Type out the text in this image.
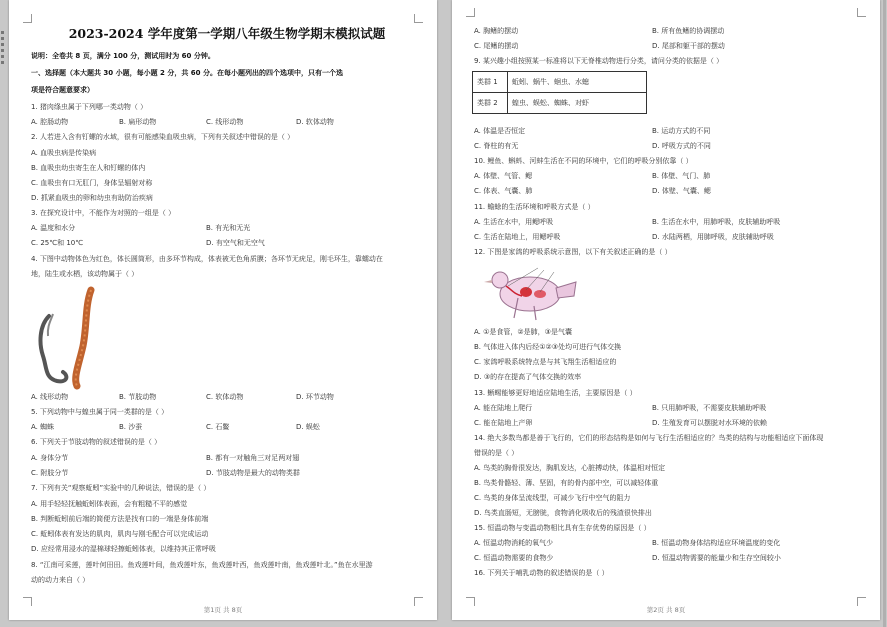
2023-2024 学年度第一学期八年级生物学期末模拟试题
说明：全卷共 8 页，满分 100 分，测试用时为 60 分钟。
一、选择题（本大题共 30 小题，每小题 2 分，共 60 分。在每小题列出的四个选项中，只有一个选
项是符合题意要求）
1. 猪肉绦虫属于下列哪一类动物（ ）
A. 腔肠动物	B. 扁形动物	C. 线形动物	D. 软体动物
2. 人若进入含有钉螺的水域，很有可能感染血吸虫病，下列有关叙述中错误的是（ ）
A. 血吸虫病是传染病
B. 血吸虫幼虫寄生在人和钉螺的体内
C. 血吸虫有口无肛门，身体呈辐射对称
D. 抓紧血吸虫的卵和幼虫有助防治疾病
3. 在探究设计中，不能作为对照的一组是（ ）
A. 温度和水分	B. 有光和无光
C. 25℃和 10℃	D. 有空气和无空气
4. 下图中动物体色为红色，体长圆筒形，由多环节构成，体表被无色角质膜；各环节无疣足，刚毛环生，靠蠕动在
地，陆生或水栖，该动物属于（ ）
A. 线形动物	B. 节肢动物	C. 软体动物	D. 环节动物
5. 下列动物中与蝗虫属于同一类群的是（ ）
A. 蜘蛛	B. 沙蚕	C. 石鳖	D. 蜈蚣
6. 下列关于节肢动物的叙述错误的是（ ）
A. 身体分节	B. 都有一对触角三对足两对翅
C. 附肢分节	D. 节肢动物是最大的动物类群
7. 下列有关“观察蚯蚓”实验中的几种说法，错误的是（ ）
A. 用手轻轻抚触蚯蚓体表面，会有粗糙不平的感觉
B. 判断蚯蚓前后端的简便方法是找有口的一端是身体前端
C. 蚯蚓体表有发达的肌肉，肌肉与刚毛配合可以完成运动
D. 应经常用浸水的湿棉球轻擦蚯蚓体表，以维持其正常呼吸
8. “江南可采莲，莲叶何田田。鱼戏莲叶间，鱼戏莲叶东，鱼戏莲叶西，鱼戏莲叶南，鱼戏莲叶北。”鱼在水里游
动的动力来自（ ）
第1页 共 8页
A. 胸鳍的摆动	B. 所有鱼鳍的协调摆动
C. 尾鳍的摆动	D. 尾部和躯干部的摆动
9. 某兴趣小组按照某一标准将以下无脊椎动物进行分类，请问分类的依据是（ ）
类群 1	蚯蚓、蜗牛、蛔虫、水螅
类群 2	蝗虫、蜈蚣、蜘蛛、对虾
A. 体温是否恒定	B. 运动方式的不同
C. 脊柱的有无	D. 呼吸方式的不同
10. 鲤鱼、蝌蚪、河蚌生活在不同的环境中，它们的呼吸分别依靠（ ）
A. 体壁、气管、鳃	B. 体壁、气门、肺
C. 体表、气囊、肺	D. 体壁、气囊、鳃
11. 蟾蜍的生活环境和呼吸方式是（ ）
A. 生活在水中，用鳃呼吸	B. 生活在水中，用肺呼吸，皮肤辅助呼吸
C. 生活在陆地上，用鳃呼吸	D. 水陆两栖，用肺呼吸，皮肤辅助呼吸
12. 下图是家鸽的呼吸系统示意图，以下有关叙述正确的是（ ）
A. ①是食管，②是肺，③是气囊
B. 气体进入体内后经①②③处均可进行气体交换
C. 家鸽呼吸系统特点是与其飞翔生活相适应的
D. ③的存在提高了气体交换的效率
13. 蜥蜴能够更好地适应陆地生活，主要原因是（ ）
A. 能在陆地上爬行	B. 只用肺呼吸，不需要皮肤辅助呼吸
C. 能在陆地上产卵	D. 生殖发育可以摆脱对水环境的依赖
14. 绝大多数鸟都是善于飞行的，它们的形态结构是如何与飞行生活相适应的？鸟类的结构与功能相适应下面体现
错误的是（ ）
A. 鸟类的胸骨很发达，胸肌发达，心脏搏动快，体温相对恒定
B. 鸟类骨骼轻、薄、坚固，有的骨内部中空，可以减轻体重
C. 鸟类的身体呈流线型，可减少飞行中空气的阻力
D. 鸟类直肠短，无膀胱，食物消化吸收后的残渣很快排出
15. 恒温动物与变温动物相比具有生存优势的原因是（ ）
A. 恒温动物消耗的氧气少	B. 恒温动物身体结构适应环境温度的变化
C. 恒温动物需要的食物少	D. 恒温动物需要的能量少和生存空间较小
16. 下列关于哺乳动物的叙述错误的是（ ）
第2页 共 8页
